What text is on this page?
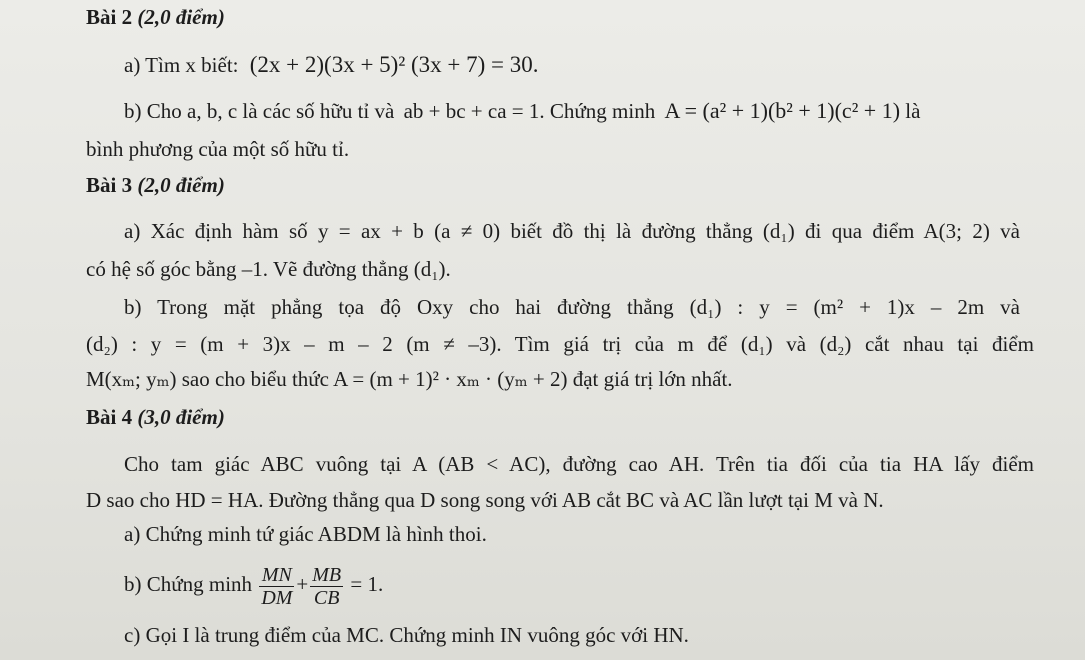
Bài 2 (2,0 điểm)
a) Tìm x biết: (2x + 2)(3x + 5)² (3x + 7) = 30.
b) Cho a, b, c là các số hữu tỉ và ab + bc + ca = 1. Chứng minh A = (a² + 1)(b² + 1)(c² + 1) là
bình phương của một số hữu tỉ.
Bài 3 (2,0 điểm)
a) Xác định hàm số y = ax + b (a ≠ 0) biết đồ thị là đường thẳng (d₁) đi qua điểm A(3; 2) và
có hệ số góc bằng –1. Vẽ đường thẳng (d₁).
b) Trong mặt phẳng tọa độ Oxy cho hai đường thẳng (d₁) : y = (m² + 1)x – 2m và
(d₂) : y = (m + 3)x – m – 2 (m ≠ –3). Tìm giá trị của m để (d₁) và (d₂) cắt nhau tại điểm
M(xₘ; yₘ) sao cho biểu thức A = (m + 1)² · xₘ · (yₘ + 2) đạt giá trị lớn nhất.
Bài 4 (3,0 điểm)
Cho tam giác ABC vuông tại A (AB < AC), đường cao AH. Trên tia đối của tia HA lấy điểm
D sao cho HD = HA. Đường thẳng qua D song song với AB cắt BC và AC lần lượt tại M và N.
a) Chứng minh tứ giác ABDM là hình thoi.
b) Chứng minh $\frac{MN}{DM} + \frac{MB}{CB} = 1$.
c) Gọi I là trung điểm của MC. Chứng minh IN vuông góc với HN.
